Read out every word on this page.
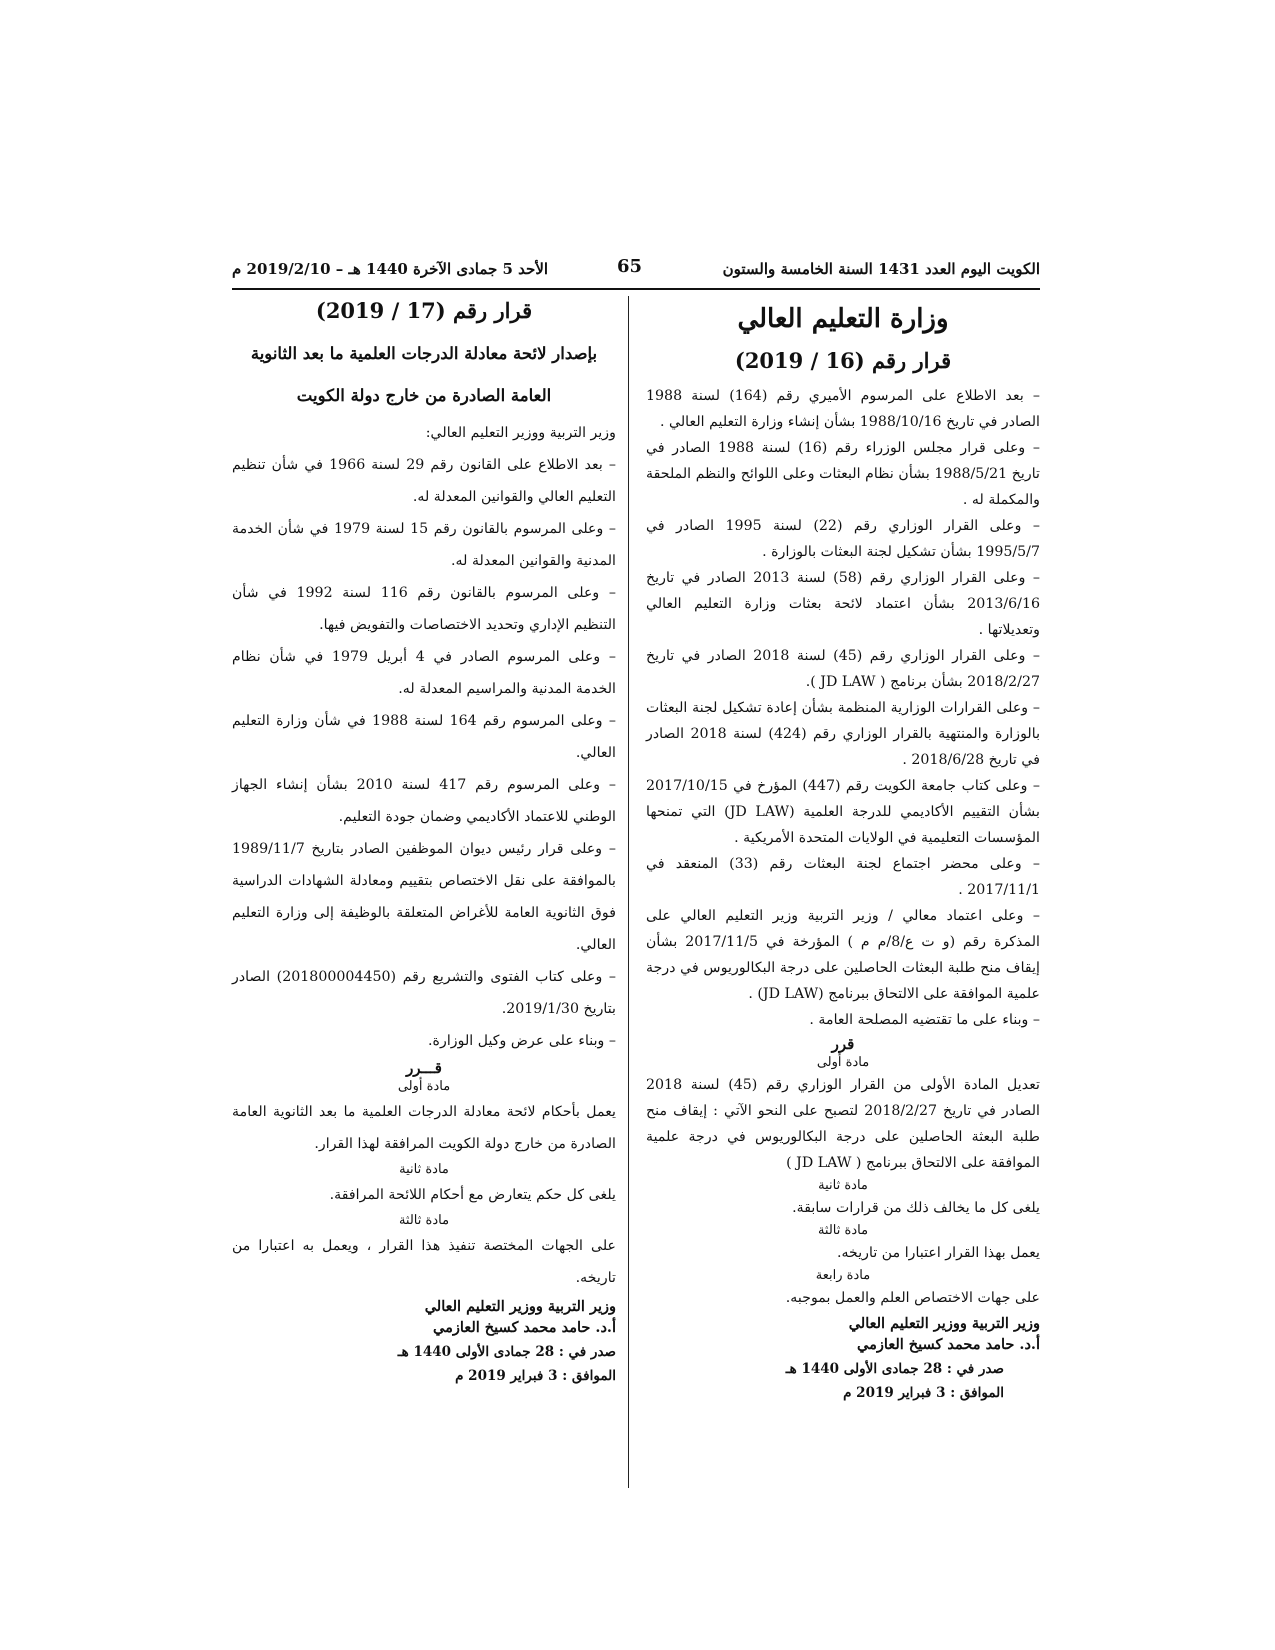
الكويت اليوم العدد 1431 السنة الخامسة والستون
65
الأحد 5 جمادى الآخرة 1440 هـ – 2019/2/10 م
وزارة التعليم العالي
قرار رقم (16 / 2019)

– بعد الاطلاع على المرسوم الأميري رقم (164) لسنة 1988 الصادر في تاريخ 1988/10/16 بشأن إنشاء وزارة التعليم العالي .

– وعلى قرار مجلس الوزراء رقم (16) لسنة 1988 الصادر في تاريخ 1988/5/21 بشأن نظام البعثات وعلى اللوائح والنظم الملحقة والمكملة له .

– وعلى القرار الوزاري رقم (22) لسنة 1995 الصادر في 1995/5/7 بشأن تشكيل لجنة البعثات بالوزارة .

– وعلى القرار الوزاري رقم (58) لسنة 2013 الصادر في تاريخ 2013/6/16 بشأن اعتماد لائحة بعثات وزارة التعليم العالي وتعديلاتها .

– وعلى القرار الوزاري رقم (45) لسنة 2018 الصادر في تاريخ 2018/2/27 بشأن برنامج ( JD LAW ).

– وعلى القرارات الوزارية المنظمة بشأن إعادة تشكيل لجنة البعثات بالوزارة والمنتهية بالقرار الوزاري رقم (424) لسنة 2018 الصادر في تاريخ 2018/6/28 .

– وعلى كتاب جامعة الكويت رقم (447) المؤرخ في 2017/10/15 بشأن التقييم الأكاديمي للدرجة العلمية (JD LAW) التي تمنحها المؤسسات التعليمية في الولايات المتحدة الأمريكية .

– وعلى محضر اجتماع لجنة البعثات رقم (33) المنعقد في 2017/11/1 .

– وعلى اعتماد معالي / وزير التربية وزير التعليم العالي على المذكرة رقم (و ت ع/8/م م ) المؤرخة في 2017/11/5 بشأن إيقاف منح طلبة البعثات الحاصلين على درجة البكالوريوس في درجة علمية الموافقة على الالتحاق ببرنامج (JD LAW) .

– وبناء على ما تقتضيه المصلحة العامة .

قرر
مادة أولى

تعديل المادة الأولى من القرار الوزاري رقم (45) لسنة 2018 الصادر في تاريخ 2018/2/27 لتصبح على النحو الآتي : إيقاف منح طلبة البعثة الحاصلين على درجة البكالوريوس في درجة علمية الموافقة على الالتحاق ببرنامج ( JD LAW )

مادة ثانية

يلغى كل ما يخالف ذلك من قرارات سابقة.

مادة ثالثة

يعمل بهذا القرار اعتبارا من تاريخه.

مادة رابعة

على جهات الاختصاص العلم والعمل بموجبه.

وزير التربية ووزير التعليم العالي
أ.د. حامد محمد كسيخ العازمي

صدر في : 28 جمادى الأولى 1440 هـ

الموافق : 3 فبراير 2019 م

قرار رقم (17 / 2019)
بإصدار لائحة معادلة الدرجات العلمية ما بعد الثانوية
العامة الصادرة من خارج دولة الكويت

وزير التربية ووزير التعليم العالي:

– بعد الاطلاع على القانون رقم 29 لسنة 1966 في شأن تنظيم التعليم العالي والقوانين المعدلة له.

– وعلى المرسوم بالقانون رقم 15 لسنة 1979 في شأن الخدمة المدنية والقوانين المعدلة له.

– وعلى المرسوم بالقانون رقم 116 لسنة 1992 في شأن التنظيم الإداري وتحديد الاختصاصات والتفويض فيها.

– وعلى المرسوم الصادر في 4 أبريل 1979 في شأن نظام الخدمة المدنية والمراسيم المعدلة له.

– وعلى المرسوم رقم 164 لسنة 1988 في شأن وزارة التعليم العالي.

– وعلى المرسوم رقم 417 لسنة 2010 بشأن إنشاء الجهاز الوطني للاعتماد الأكاديمي وضمان جودة التعليم.

– وعلى قرار رئيس ديوان الموظفين الصادر بتاريخ 1989/11/7 بالموافقة على نقل الاختصاص بتقييم ومعادلة الشهادات الدراسية فوق الثانوية العامة للأغراض المتعلقة بالوظيفة إلى وزارة التعليم العالي.

– وعلى كتاب الفتوى والتشريع رقم (201800004450) الصادر بتاريخ 2019/1/30.

– وبناء على عرض وكيل الوزارة.

قـــرر
مادة أولى

يعمل بأحكام لائحة معادلة الدرجات العلمية ما بعد الثانوية العامة الصادرة من خارج دولة الكويت المرافقة لهذا القرار.

مادة ثانية

يلغى كل حكم يتعارض مع أحكام اللائحة المرافقة.

مادة ثالثة

على الجهات المختصة تنفيذ هذا القرار ، ويعمل به اعتبارا من تاريخه.

وزير التربية ووزير التعليم العالي
أ.د. حامد محمد كسيخ العازمي

صدر في : 28 جمادى الأولى 1440 هـ

الموافق : 3 فبراير 2019 م
